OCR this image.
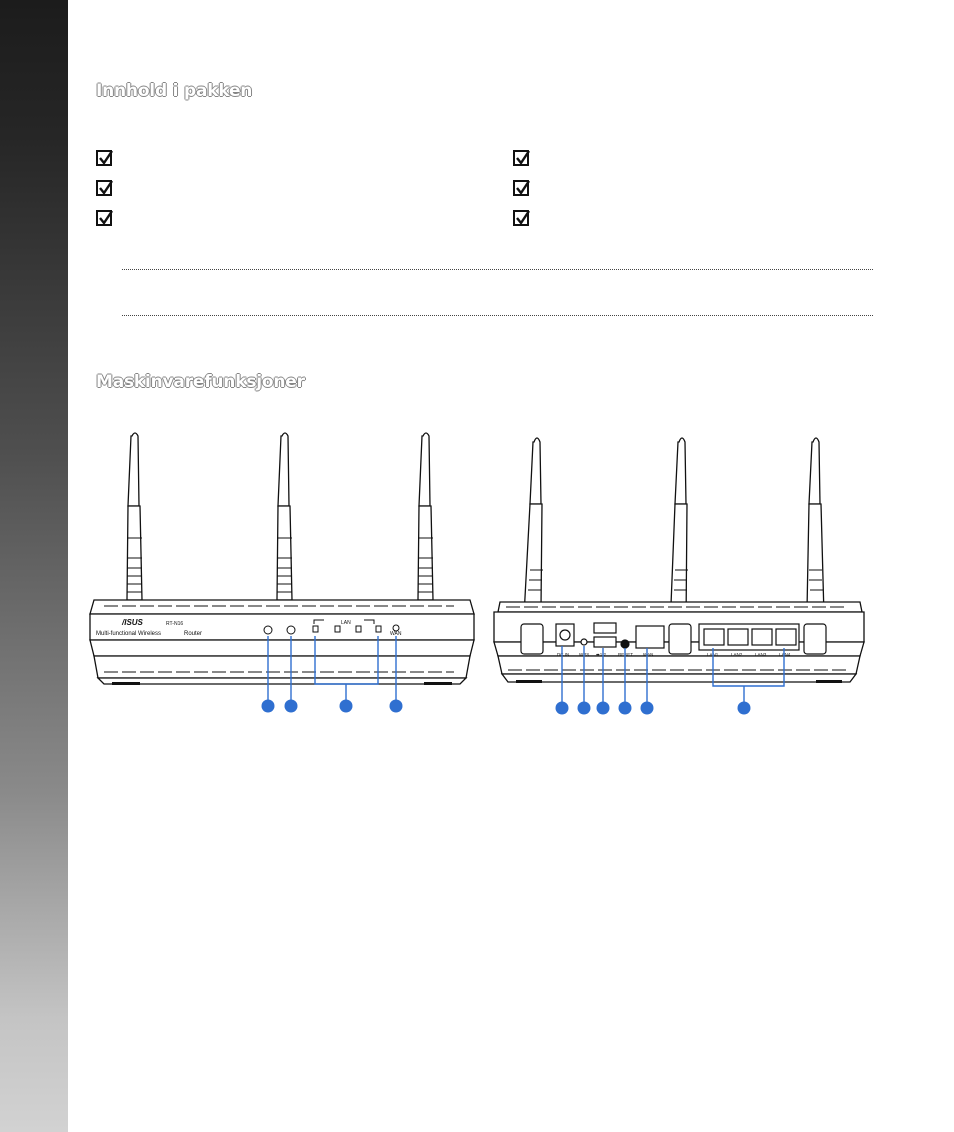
Innhold i pakken
Maskinvarefunksjoner
/ISUS	RT-N16
Multi-functional Wireless	Router
LAN
WAN
DC IN WPS ⬌1.2	RESET WAN	LAN1	LAN2	LAN3	LAN4
